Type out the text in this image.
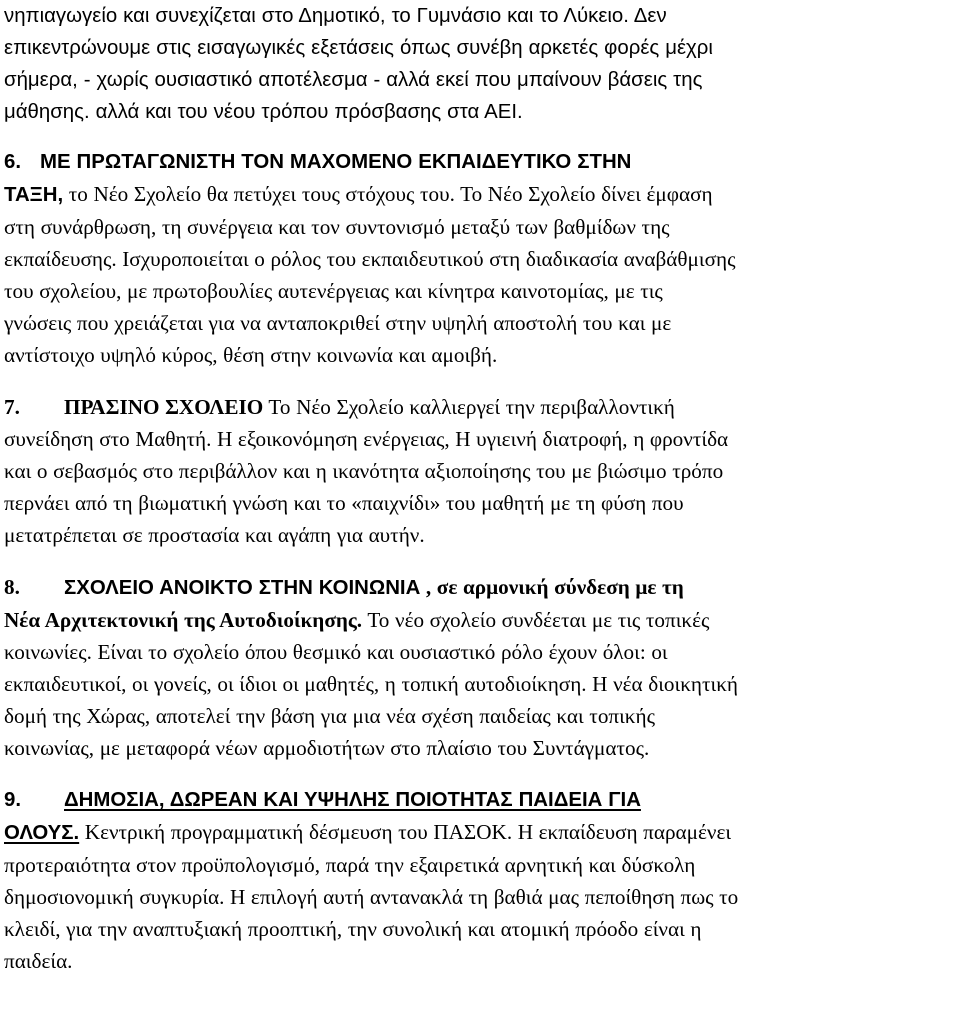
νηπιαγωγείο και συνεχίζεται στο Δημοτικό, το Γυμνάσιο και το Λύκειο. Δεν
επικεντρώνουμε στις εισαγωγικές εξετάσεις όπως συνέβη αρκετές φορές μέχρι
σήμερα, - χωρίς ουσιαστικό αποτέλεσμα - αλλά εκεί που μπαίνουν βάσεις της
μάθησης. αλλά και του νέου τρόπου πρόσβασης στα ΑΕΙ.
6. ΜΕ ΠΡΩΤΑΓΩΝΙΣΤΗ ΤΟΝ ΜΑΧΟΜΕΝΟ ΕΚΠΑΙΔΕΥΤΙΚΟ ΣΤΗΝ
ΤΑΞΗ, το Νέο Σχολείο θα πετύχει τους στόχους του. Το Νέο Σχολείο δίνει έμφαση
στη συνάρθρωση, τη συνέργεια και τον συντονισμό μεταξύ των βαθμίδων της
εκπαίδευσης. Ισχυροποιείται ο ρόλος του εκπαιδευτικού στη διαδικασία αναβάθμισης
του σχολείου, με πρωτοβουλίες αυτενέργειας και κίνητρα καινοτομίας, με τις
γνώσεις που χρειάζεται για να ανταποκριθεί στην υψηλή αποστολή του και με
αντίστοιχο υψηλό κύρος, θέση στην κοινωνία και αμοιβή.
7. ΠΡΑΣΙΝΟ ΣΧΟΛΕΙΟ Το Νέο Σχολείο καλλιεργεί την περιβαλλοντική
συνείδηση στο Μαθητή. Η εξοικονόμηση ενέργειας, Η υγιεινή διατροφή, η φροντίδα
και ο σεβασμός στο περιβάλλον και η ικανότητα αξιοποίησης του με βιώσιμο τρόπο
περνάει από τη βιωματική γνώση και το «παιχνίδι» του μαθητή με τη φύση που
μετατρέπεται σε προστασία και αγάπη για αυτήν.
8. ΣΧΟΛΕΙΟ ΑΝΟΙΚΤΟ ΣΤΗΝ ΚΟΙΝΩΝΙΑ , σε αρμονική σύνδεση με τη
Νέα Αρχιτεκτονική της Αυτοδιοίκησης. Το νέο σχολείο συνδέεται με τις τοπικές
κοινωνίες. Είναι το σχολείο όπου θεσμικό και ουσιαστικό ρόλο έχουν όλοι: οι
εκπαιδευτικοί, οι γονείς, οι ίδιοι οι μαθητές, η τοπική αυτοδιοίκηση. Η νέα διοικητική
δομή της Χώρας, αποτελεί την βάση για μια νέα σχέση παιδείας και τοπικής
κοινωνίας, με μεταφορά νέων αρμοδιοτήτων στο πλαίσιο του Συντάγματος.
9. ΔΗΜΟΣΙΑ, ΔΩΡΕΑΝ ΚΑΙ ΥΨΗΛΗΣ ΠΟΙΟΤΗΤΑΣ ΠΑΙΔΕΙΑ ΓΙΑ
ΟΛΟΥΣ. Κεντρική προγραμματική δέσμευση του ΠΑΣΟΚ. Η εκπαίδευση παραμένει
προτεραιότητα στον προϋπολογισμό, παρά την εξαιρετικά αρνητική και δύσκολη
δημοσιονομική συγκυρία. Η επιλογή αυτή αντανακλά τη βαθιά μας πεποίθηση πως το
κλειδί, για την αναπτυξιακή προοπτική, την συνολική και ατομική πρόοδο είναι η
παιδεία.
